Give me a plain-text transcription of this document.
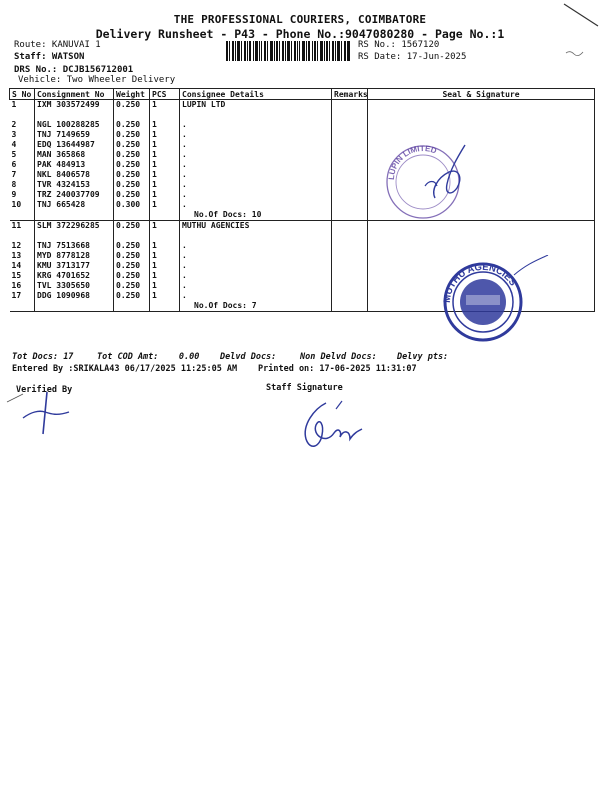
THE PROFESSIONAL COURIERS, COIMBATORE
Delivery Runsheet - P43 - Phone No.:9047080280 - Page No.:1
Route: KANUVAI 1
Staff: WATSON
DRS No.: DCJB156712001
Vehicle: Two Wheeler Delivery
RS No.: 1567120
RS Date: 17-Jun-2025
S No	Consignment No	Weight	PCS	Consignee Details	Remarks	Seal & Signature
1	IXM 303572499	0.250	1	LUPIN LTD		

2	NGL 100288285	0.250	1	.		
3	TNJ 7149659	0.250	1	.		
4	EDQ 13644987	0.250	1	.		
5	MAN 365868	0.250	1	.		
6	PAK 484913	0.250	1	.		
7	NKL 8406578	0.250	1	.		
8	TVR 4324153	0.250	1	.		
9	TRZ 240037709	0.250	1	.		
10	TNJ 665428	0.300	1	.		
				No.Of Docs: 10		
11	SLM 372296285	0.250	1	MUTHU AGENCIES		

12	TNJ 7513668	0.250	1	.		
13	MYD 8778128	0.250	1	.		
14	KMU 3713177	0.250	1	.		
15	KRG 4701652	0.250	1	.		
16	TVL 3305650	0.250	1	.		
17	DDG 1090968	0.250	1	.		
				No.Of Docs: 7		
LUPIN LIMITED
MUTHU AGENCIES
Tot Docs: 17	Tot COD Amt: 0.00 Delvd Docs:	Non Delvd Docs: Delvy pts:
Entered By :SRIKALA43 06/17/2025 11:25:05 AM Printed on: 17-06-2025 11:31:07
Verified By	Staff Signature
